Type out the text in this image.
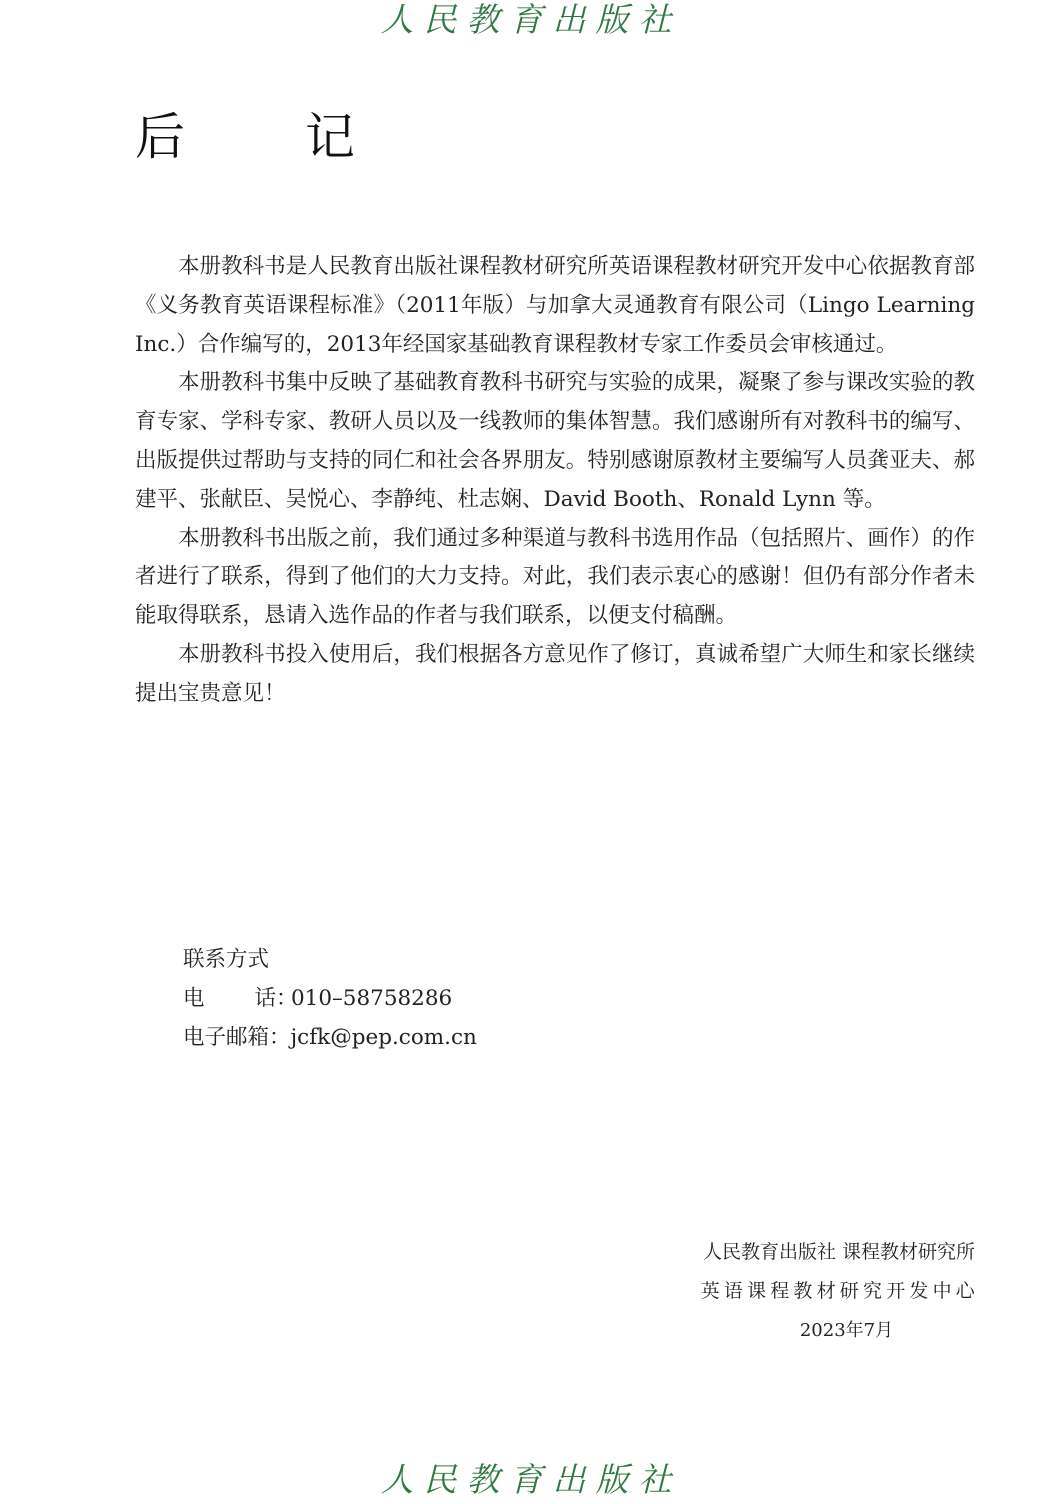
人民教育出版社
后 记

本册教科书是人民教育出版社课程教材研究所英语课程教材研究开发中心依据教育部《义务教育英语课程标准》（2011年版）与加拿大灵通教育有限公司（Lingo Learning Inc.）合作编写的，2013年经国家基础教育课程教材专家工作委员会审核通过。

本册教科书集中反映了基础教育教科书研究与实验的成果，凝聚了参与课改实验的教育专家、学科专家、教研人员以及一线教师的集体智慧。我们感谢所有对教科书的编写、出版提供过帮助与支持的同仁和社会各界朋友。特别感谢原教材主要编写人员龚亚夫、郝建平、张献臣、吴悦心、李静纯、杜志娴、David Booth、Ronald Lynn 等。

本册教科书出版之前，我们通过多种渠道与教科书选用作品（包括照片、画作）的作者进行了联系，得到了他们的大力支持。对此，我们表示衷心的感谢！但仍有部分作者未能取得联系，恳请入选作品的作者与我们联系，以便支付稿酬。

本册教科书投入使用后，我们根据各方意见作了修订，真诚希望广大师生和家长继续提出宝贵意见！

联系方式
电 话：010–58758286
电子邮箱：jcfk@pep.com.cn
人民教育出版社 课程教材研究所
英语课程教材研究开发中心
2023年7月
人民教育出版社
